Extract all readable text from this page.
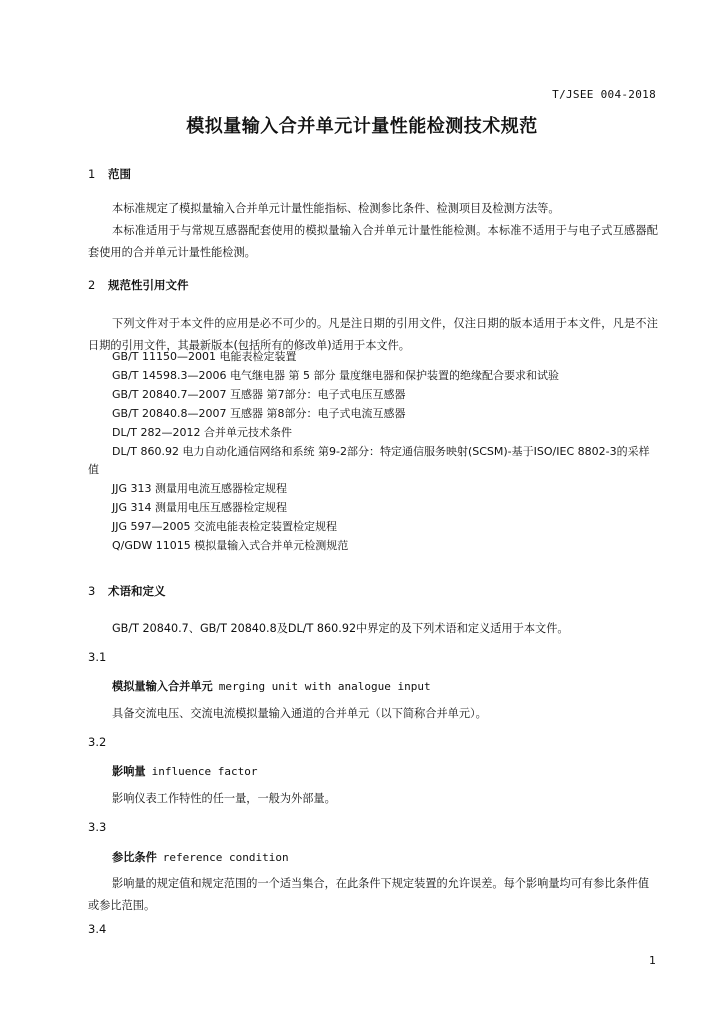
T/JSEE 004-2018
模拟量输入合并单元计量性能检测技术规范
1 范围
本标准规定了模拟量输入合并单元计量性能指标、检测参比条件、检测项目及检测方法等。
本标准适用于与常规互感器配套使用的模拟量输入合并单元计量性能检测。本标准不适用于与电子式互感器配套使用的合并单元计量性能检测。
2 规范性引用文件
下列文件对于本文件的应用是必不可少的。凡是注日期的引用文件，仅注日期的版本适用于本文件，凡是不注日期的引用文件，其最新版本(包括所有的修改单)适用于本文件。
GB/T 11150—2001 电能表检定装置
GB/T 14598.3—2006 电气继电器 第 5 部分 量度继电器和保护装置的绝缘配合要求和试验
GB/T 20840.7—2007 互感器 第7部分：电子式电压互感器
GB/T 20840.8—2007 互感器 第8部分：电子式电流互感器
DL/T 282—2012 合并单元技术条件
DL/T 860.92 电力自动化通信网络和系统 第9-2部分：特定通信服务映射(SCSM)-基于ISO/IEC 8802-3的采样值
JJG 313 测量用电流互感器检定规程
JJG 314 测量用电压互感器检定规程
JJG 597—2005 交流电能表检定装置检定规程
Q/GDW 11015 模拟量输入式合并单元检测规范
3 术语和定义
GB/T 20840.7、GB/T 20840.8及DL/T 860.92中界定的及下列术语和定义适用于本文件。
3.1
模拟量输入合并单元 merging unit with analogue input
具备交流电压、交流电流模拟量输入通道的合并单元（以下简称合并单元）。
3.2
影响量 influence factor
影响仪表工作特性的任一量，一般为外部量。
3.3
参比条件 reference condition
影响量的规定值和规定范围的一个适当集合，在此条件下规定装置的允许误差。每个影响量均可有参比条件值或参比范围。
3.4
1
